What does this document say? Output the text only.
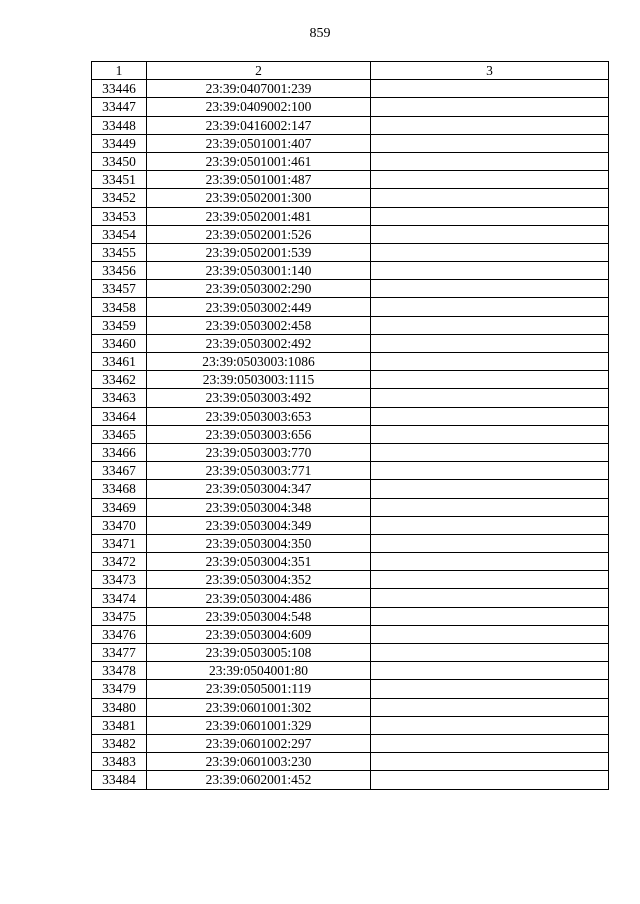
859
1	2	3
33446	23:39:0407001:239	
33447	23:39:0409002:100	
33448	23:39:0416002:147	
33449	23:39:0501001:407	
33450	23:39:0501001:461	
33451	23:39:0501001:487	
33452	23:39:0502001:300	
33453	23:39:0502001:481	
33454	23:39:0502001:526	
33455	23:39:0502001:539	
33456	23:39:0503001:140	
33457	23:39:0503002:290	
33458	23:39:0503002:449	
33459	23:39:0503002:458	
33460	23:39:0503002:492	
33461	23:39:0503003:1086	
33462	23:39:0503003:1115	
33463	23:39:0503003:492	
33464	23:39:0503003:653	
33465	23:39:0503003:656	
33466	23:39:0503003:770	
33467	23:39:0503003:771	
33468	23:39:0503004:347	
33469	23:39:0503004:348	
33470	23:39:0503004:349	
33471	23:39:0503004:350	
33472	23:39:0503004:351	
33473	23:39:0503004:352	
33474	23:39:0503004:486	
33475	23:39:0503004:548	
33476	23:39:0503004:609	
33477	23:39:0503005:108	
33478	23:39:0504001:80	
33479	23:39:0505001:119	
33480	23:39:0601001:302	
33481	23:39:0601001:329	
33482	23:39:0601002:297	
33483	23:39:0601003:230	
33484	23:39:0602001:452	
